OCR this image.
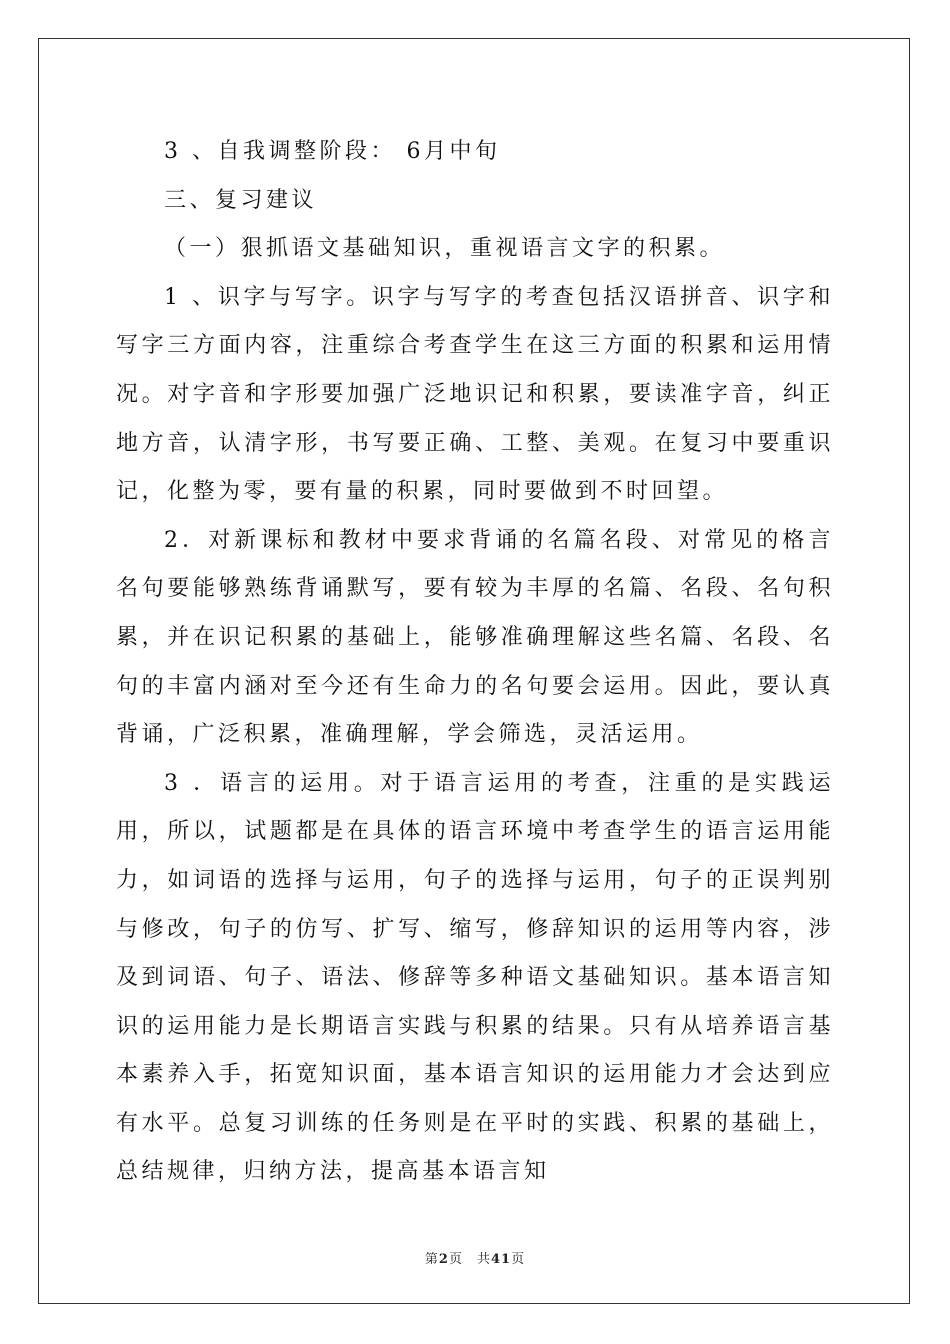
3 、自我调整阶段： 6月中旬

三、复习建议

（一）狠抓语文基础知识，重视语言文字的积累。

1 、识字与写字。识字与写字的考查包括汉语拼音、识字和写字三方面内容，注重综合考查学生在这三方面的积累和运用情况。对字音和字形要加强广泛地识记和积累，要读准字音，纠正地方音，认清字形，书写要正确、工整、美观。在复习中要重识记，化整为零，要有量的积累，同时要做到不时回望。

2．对新课标和教材中要求背诵的名篇名段、对常见的格言名句要能够熟练背诵默写，要有较为丰厚的名篇、名段、名句积累，并在识记积累的基础上，能够准确理解这些名篇、名段、名句的丰富内涵对至今还有生命力的名句要会运用。因此，要认真背诵，广泛积累，准确理解，学会筛选，灵活运用。

3 ．语言的运用。对于语言运用的考查，注重的是实践运用，所以，试题都是在具体的语言环境中考查学生的语言运用能力，如词语的选择与运用，句子的选择与运用，句子的正误判别与修改，句子的仿写、扩写、缩写，修辞知识的运用等内容，涉及到词语、句子、语法、修辞等多种语文基础知识。基本语言知识的运用能力是长期语言实践与积累的结果。只有从培养语言基本素养入手，拓宽知识面，基本语言知识的运用能力才会达到应有水平。总复习训练的任务则是在平时的实践、积累的基础上，总结规律，归纳方法，提高基本语言知

第2页　共41页
